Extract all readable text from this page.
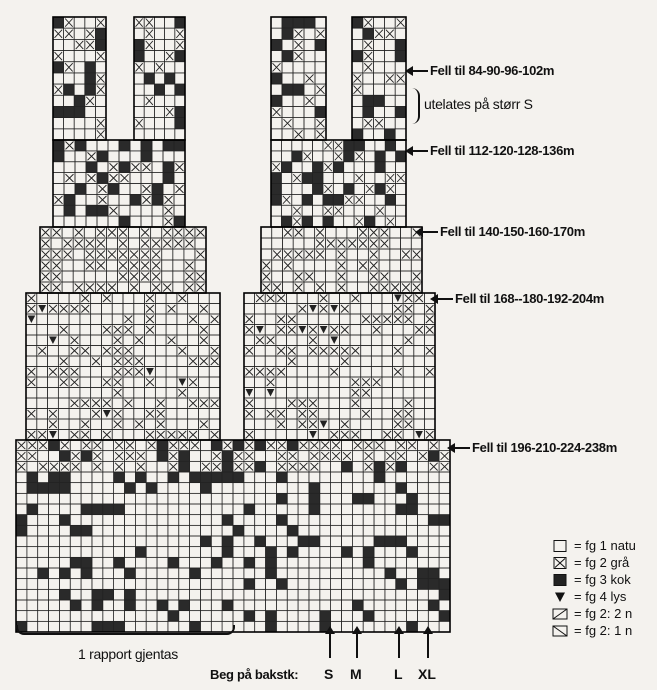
Fell til 84-90-96-102m
utelates på størr S
Fell til 112-120-128-136m
Fell til 140-150-160-170m
Fell til 168--180-192-204m
Fell til 196-210-224-238m
= fg 1 natu
= fg 2 grå
= fg 3 kok
= fg 4 lys
= fg 2: 2 n
= fg 2: 1 n
1 rapport gjentas
Beg på bakstk: S M L XL
